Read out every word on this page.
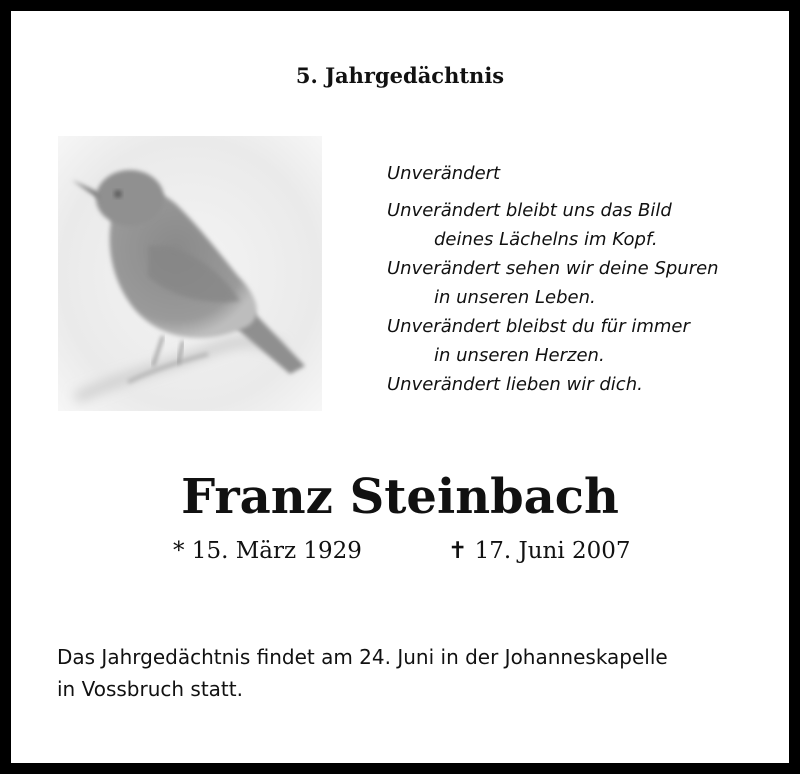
5. Jahrgedächtnis
Unverändert
Unverändert bleibt uns das Bild
deines Lächelns im Kopf.
Unverändert sehen wir deine Spuren
in unseren Leben.
Unverändert bleibst du für immer
in unseren Herzen.
Unverändert lieben wir dich.
Franz Steinbach
* 15. März 1929	✝ 17. Juni 2007
Das Jahrgedächtnis findet am 24. Juni in der Johanneskapelle
in Vossbruch statt.
